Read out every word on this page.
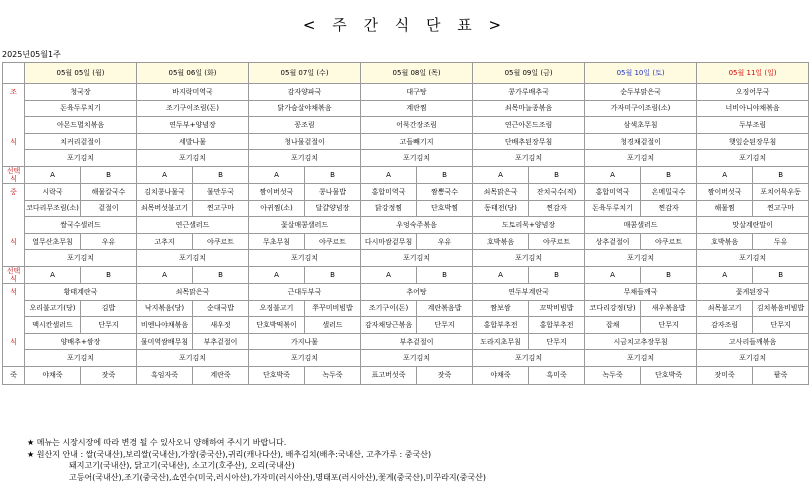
< 주 간 식 단 표 >
2025년05월1주
	05월 05일 (월)		05월 06일 (화)		05월 07일 (수)		05월 08일 (목)		05월 09일 (금)		05월 10일 (토)		05월 11일 (일)	
조	청국장		바지락미역국		감자양파국		대구탕		콩가루배추국		순두부맑은국		오징어무국	
	돈육두루치기		조기구이조림(돈)		닭가슴살야채볶음		계란찜		쇠목마늘종볶음		가자미구이조림(소)		너비아니야채볶음	
	아몬드멸치볶음		연두부+양념장		꽁조림		어묵간장조림		연근아몬드조림		삼색초무침		두부조림	
식	치커리겉절이		세발나물		청나물겉절이		고들빼기지		단배추된장무침		청경채겉절이		햇잎순된장무침	
	포기김치		포기김치		포기김치		포기김치		포기김치		포기김치		포기김치	
선택식	A	B	A	B	A	B	A	B	A	B	A	B	A	B
중	시락국	해물칼국수	김치콩나물국	물만두국	짬이버섯국	콩나물밥	홍합미역국	짬뽕국수	쇠목맑은국	잔치국수(적)	홍합미역국	온메밀국수	짬이버섯국	포치어묵우동
	코다리무조림(소)	겉절이	쇠목버섯불고기	찐고구마	아귀찜(소)	달걀양념장	닭강정찜	단호박찜	동태전(당)	찐감자	돈육두루치기	찐감자	해물찜	찐고구마
	쌀국수샐러드		연근샐러드		꽃살매콤샐러드		우엉숙주볶음		도토리묵+양념장		매콤샐러드		맛살계란말이	
식	열무산초무침	우유	고추지	야쿠르트	무초무침	야쿠르트	다시마쌈겉무침	우유	호박볶음	야쿠르트	상추겉절이	야쿠르트	호박볶음	두유
	포기김치		포기김치		포기김치		포기김치		포기김치		포기김치		포기김치	
선택식	A	B	A	B	A	B	A	B	A	B	A	B	A	B
석	황태계란국		쇠목맑은국		근대두부국		추어탕		연두부계란국		무채들깨국		꽃게된장국	
	오리불고기(당)	김밥	낙지볶음(당)	순대국밥	오징불고기	쭈꾸미비빔밥	조기구이(돈)	계란볶음밥	짬보쌈	꼬막비빔밥	코다리강정(당)	새우볶음밥	쇠목불고기	김치볶음비빔밥
	맥시칸샐러드	단무지	비엔나야채볶음	새우젓	단호박떡볶이	샐러드	감자채당근볶음	단무지	홍합부추전	홍합부추전	잡채	단무지	감자조림	단무지
식	양배추+쌈장		물미역쌈배무침	부추겉절이	가지나물		부추겉절이		도라지초무침	단무지	시금치고추장무침		고사리들깨볶음	
	포기김치		포기김치		포기김치		포기김치		포기김치		포기김치		포기김치	
죽	야채죽	잣죽	흑임자죽	계란죽	단호박죽	녹두죽	표고버섯죽	잣죽	야채죽	흑미죽	녹두죽	단호박죽	잣미죽	팥죽
★ 메뉴는 시장시장에 따라 변경 될 수 있사오니 양해하여 주시기 바랍니다.
★ 원산지 안내 : 쌀(국내산),보리쌀(국내산),가장(중국산),귀리(캐나다산), 배추김치(배추:국내산, 고추가루 : 중국산)
돼지고기(국내산), 닭고기(국내산), 소고기(호주산), 오리(국내산)
고등어(국내산),조기(중국산),쇼연수(미국,러시아산),가자미(러시아산),명태포(러시아산),꽃게(중국산),미꾸라지(중국산)
